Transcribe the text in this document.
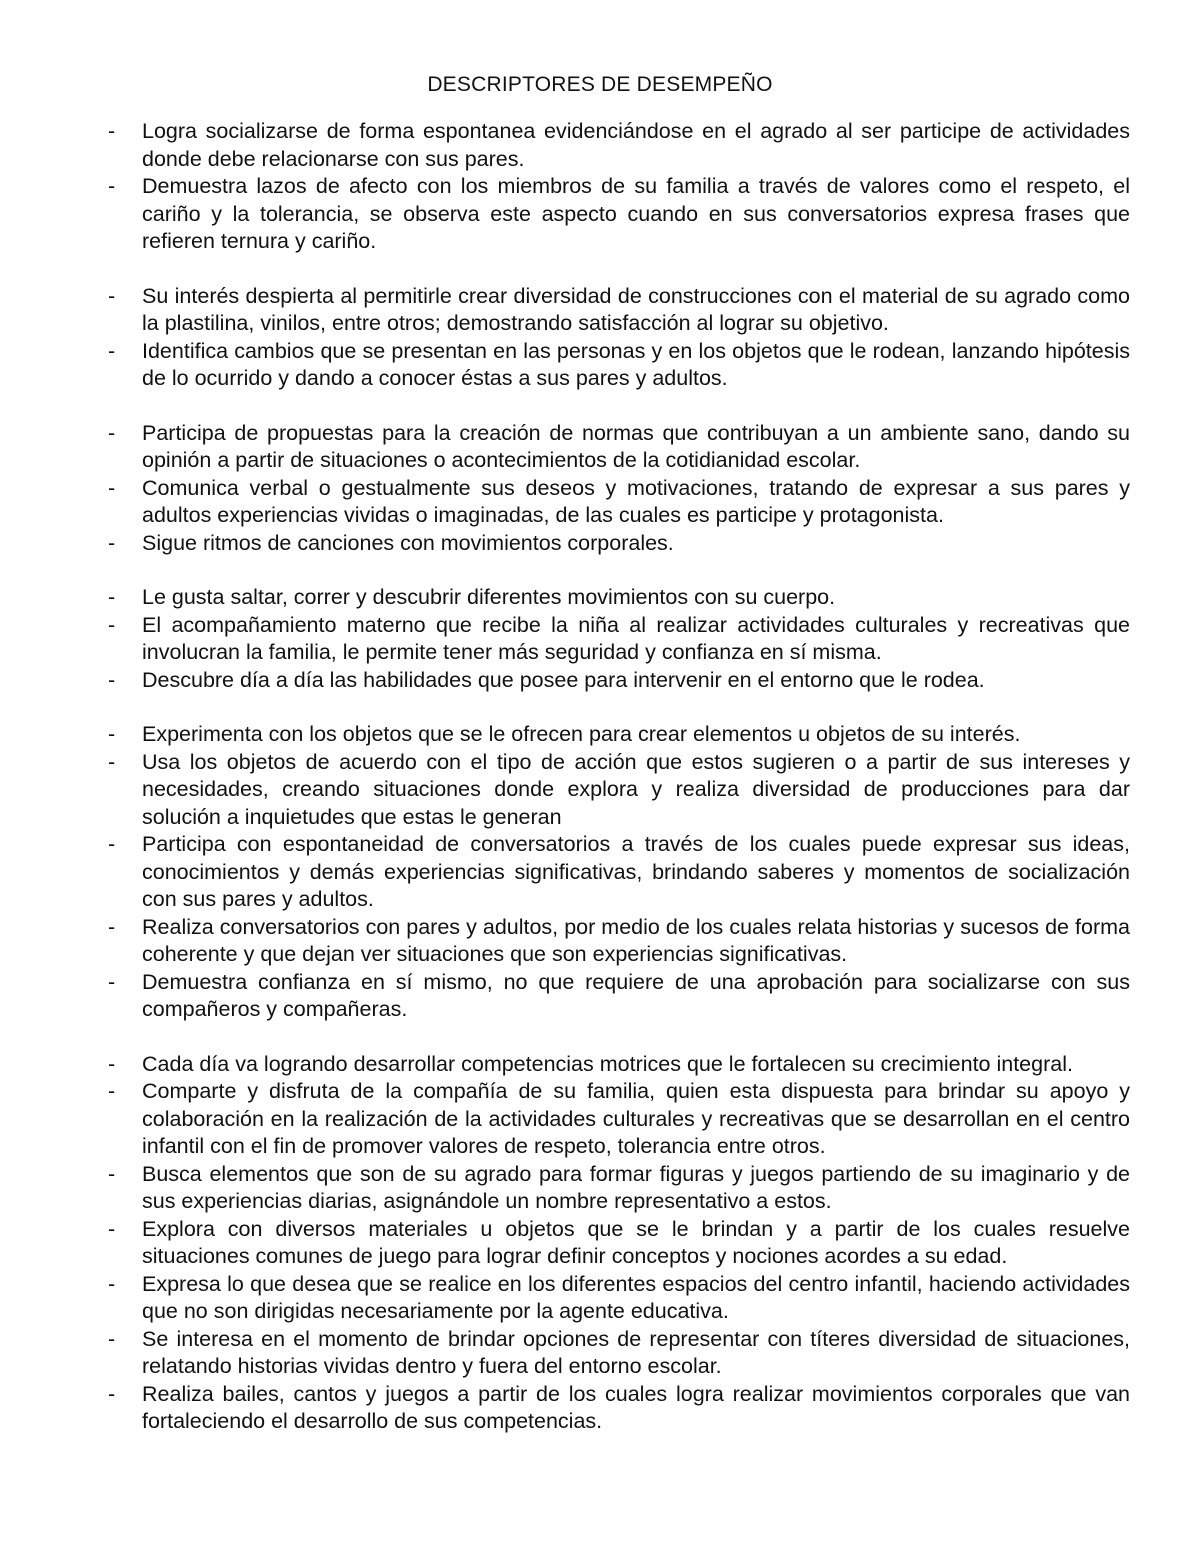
DESCRIPTORES DE DESEMPEÑO
- Logra socializarse de forma espontanea evidenciándose en el agrado al ser participe de actividades donde debe relacionarse con sus pares.
- Demuestra lazos de afecto con los miembros de su familia a través de valores como el respeto, el cariño y la tolerancia, se observa este aspecto cuando en sus conversatorios expresa frases que refieren ternura y cariño.
- Su interés despierta al permitirle crear diversidad de construcciones con el material de su agrado como la plastilina, vinilos, entre otros; demostrando satisfacción al lograr su objetivo.
- Identifica cambios que se presentan en las personas y en los objetos que le rodean, lanzando hipótesis de lo ocurrido y dando a conocer éstas a sus pares y adultos.
- Participa de propuestas para la creación de normas que contribuyan a un ambiente sano, dando su opinión a partir de situaciones o acontecimientos de la cotidianidad escolar.
- Comunica verbal o gestualmente sus deseos y motivaciones, tratando de expresar a sus pares y adultos experiencias vividas o imaginadas, de las cuales es participe y protagonista.
- Sigue ritmos de canciones con movimientos corporales.
- Le gusta saltar, correr y descubrir diferentes movimientos con su cuerpo.
- El acompañamiento materno que recibe la niña al realizar actividades culturales y recreativas que involucran la familia, le permite tener más seguridad y confianza en sí misma.
- Descubre día a día las habilidades que posee para intervenir en el entorno que le rodea.
- Experimenta con los objetos que se le ofrecen para crear elementos u objetos de su interés.
- Usa los objetos de acuerdo con el tipo de acción que estos sugieren o a partir de sus intereses y necesidades, creando situaciones donde explora y realiza diversidad de producciones para dar solución a inquietudes que estas le generan
- Participa con espontaneidad de conversatorios a través de los cuales puede expresar sus ideas, conocimientos y demás experiencias significativas, brindando saberes y momentos de socialización con sus pares y adultos.
- Realiza conversatorios con pares y adultos, por medio de los cuales relata historias y sucesos de forma coherente y que dejan ver situaciones que son experiencias significativas.
- Demuestra confianza en sí mismo, no que requiere de una aprobación para socializarse con sus compañeros y compañeras.
- Cada día va logrando desarrollar competencias motrices que le fortalecen su crecimiento integral.
- Comparte y disfruta de la compañía de su familia, quien esta dispuesta para brindar su apoyo y colaboración en la realización de la actividades culturales y recreativas que se desarrollan en el centro infantil con el fin de promover valores de respeto, tolerancia entre otros.
- Busca elementos que son de su agrado para formar figuras y juegos partiendo de su imaginario y de sus experiencias diarias, asignándole un nombre representativo a estos.
- Explora con diversos materiales u objetos que se le brindan y a partir de los cuales resuelve situaciones comunes de juego para lograr definir conceptos y nociones acordes a su edad.
- Expresa lo que desea que se realice en los diferentes espacios del centro infantil, haciendo actividades que no son dirigidas necesariamente por la agente educativa.
- Se interesa en el momento de brindar opciones de representar con títeres diversidad de situaciones, relatando historias vividas dentro y fuera del entorno escolar.
- Realiza bailes, cantos y juegos a partir de los cuales logra realizar movimientos corporales que van fortaleciendo el desarrollo de sus competencias.
